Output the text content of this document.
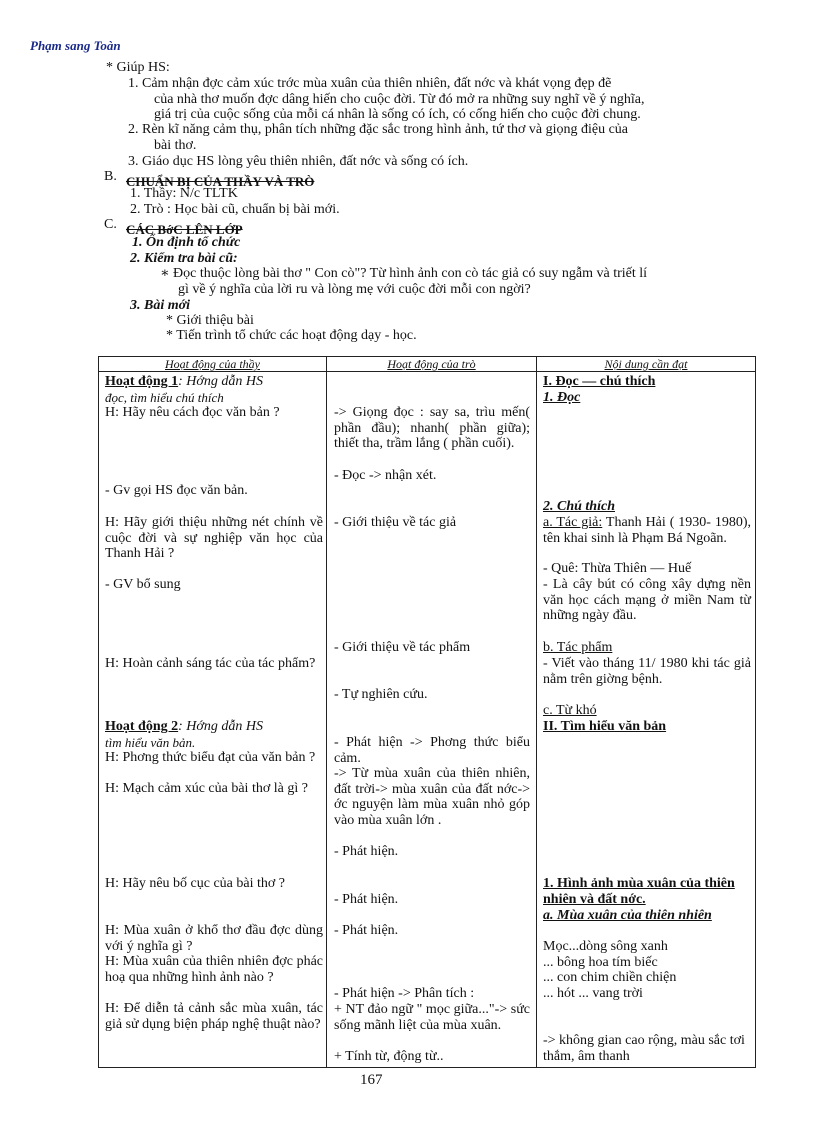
Phạm sang Toàn
* Giúp HS:
1. Cảm nhận đợc cảm xúc trớc mùa xuân của thiên nhiên, đất nớc và khát vọng đẹp đẽ
của nhà thơ muốn đợc dâng hiến cho cuộc đời. Từ đó mở ra những suy nghĩ về ý nghĩa,
giá trị của cuộc sống của mỗi cá nhân là sống có ích, có cống hiến cho cuộc đời chung.
2. Rèn kĩ năng cảm thụ, phân tích những đặc sắc trong hình ảnh, tứ thơ và giọng điệu của
bài thơ.
3. Giáo dục HS lòng yêu thiên nhiên, đất nớc và sống có ích.
B. CHUẨN BỊ CỦA THẦY VÀ TRÒ
1. Thầy: N/c TLTK
2. Trò : Học bài cũ, chuẩn bị bài mới.
C. CÁC BớC LÊN LỚP
1. Ổn định tổ chức
2. Kiểm tra bài cũ:
∗ Đọc thuộc lòng bài thơ " Con cò"? Từ hình ảnh con cò tác giả có suy ngẫm và triết lí
gì về ý nghĩa của lời ru và lòng mẹ với cuộc đời mỗi con ngời?
3. Bài mới
* Giới thiệu bài
* Tiến trình tổ chức các hoạt động dạy - học.
Hoạt động của thầy	Hoạt động của trò	Nội dung cần đạt
Hoạt động 1: Hớng dẫn HS
đọc, tìm hiểu chú thích
H: Hãy nêu cách đọc văn bản ?
- Gv gọi HS đọc văn bản.
H: Hãy giới thiệu những nét chính về cuộc đời và sự nghiệp văn học của Thanh Hải ?
- GV bổ sung
H: Hoàn cảnh sáng tác của tác phẩm?
Hoạt động 2: Hớng dẫn HS
tìm hiểu văn bản.
H: Phơng thức biểu đạt của văn bản ?
H: Mạch cảm xúc của bài thơ là gì ?
H: Hãy nêu bố cục của bài thơ ?
H: Mùa xuân ở khổ thơ đầu đợc dùng với ý nghĩa gì ?
H: Mùa xuân của thiên nhiên đợc phác hoạ qua những hình ảnh nào ?
H: Để diễn tả cảnh sắc mùa xuân, tác giả sử dụng biện pháp nghệ thuật nào?
-> Giọng đọc : say sa, trìu mến( phần đầu); nhanh( phần giữa); thiết tha, trầm lắng ( phần cuối).
- Đọc -> nhận xét.
- Giới thiệu về tác giả
- Giới thiệu về tác phẩm
- Tự nghiên cứu.
- Phát hiện -> Phơng thức biểu cảm.
-> Từ mùa xuân của thiên nhiên, đất trời-> mùa xuân của đất nớc-> ớc nguyện làm mùa xuân nhỏ góp vào mùa xuân lớn .
- Phát hiện.
- Phát hiện.
- Phát hiện.
- Phát hiện -> Phân tích :
+ NT đảo ngữ " mọc giữa..."-> sức sống mãnh liệt của mùa xuân.
+ Tính từ, động từ..
I. Đọc — chú thích
1. Đọc
2. Chú thích
a. Tác giả: Thanh Hải ( 1930- 1980), tên khai sinh là Phạm Bá Ngoãn.
- Quê: Thừa Thiên — Huế
- Là cây bút có công xây dựng nền văn học cách mạng ở miền Nam từ những ngày đầu.
b. Tác phẩm
- Viết vào tháng 11/ 1980 khi tác giả nằm trên giờng bệnh.
c. Từ khó
II. Tìm hiểu văn bản
1. Hình ảnh mùa xuân của thiên nhiên và đất nớc.
a. Mùa xuân của thiên nhiên
Mọc...dòng sông xanh
... bông hoa tím biếc
... con chim chiền chiện
... hót ... vang trời
-> không gian cao rộng, màu sắc tơi thắm, âm thanh
167
